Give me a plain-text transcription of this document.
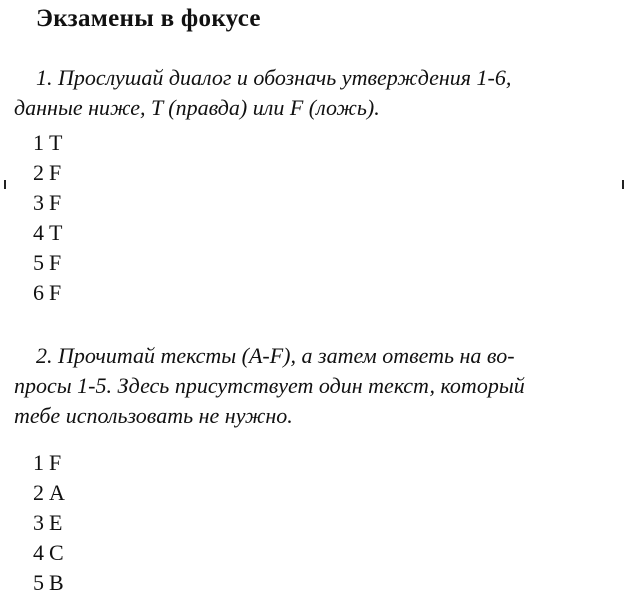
Экзамены в фокусе

1. Прослушай диалог и обозначь утверждения 1-6,
данные ниже, T (правда) или F (ложь).

1 T
2 F
3 F
4 T
5 F
6 F

2. Прочитай тексты (A-F), а затем ответь на во-
просы 1-5. Здесь присутствует один текст, который
тебе использовать не нужно.

1 F
2 A
3 E
4 C
5 B
